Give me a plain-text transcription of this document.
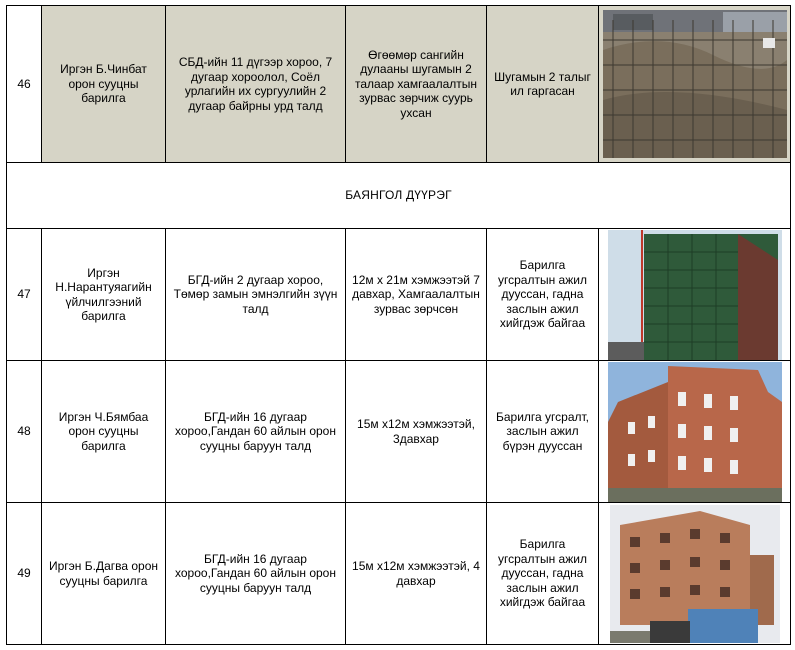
46	Иргэн Б.Чинбат орон сууцны барилга	СБД-ийн 11 дүгээр хороо, 7 дугаар хороолол, Соёл урлагийн их сургуулийн 2 дугаар байрны урд талд	Өгөөмөр сангийн дулааны шугамын 2 талаар хамгаалалтын зурвас зөрчиж суурь ухсан	Шугамын 2 талыг ил гаргасан	

БАЯНГОЛ ДҮҮРЭГ					
47	Иргэн Н.Нарантуяагийн үйлчилгээний барилга	БГД-ийн 2 дугаар хороо, Төмөр замын эмнэлгийн зүүн талд	12м х 21м хэмжээтэй 7 давхар, Хамгаалалтын зурвас зөрчсөн	Барилга угсралтын ажил дууссан, гадна заслын ажил хийгдэж байгаа	

48	Иргэн Ч.Бямбаа орон сууцны барилга	БГД-ийн 16 дугаар хороо,Гандан 60 айлын орон сууцны баруун талд	15м х12м хэмжээтэй, 3давхар	Барилга угсралт, заслын ажил бүрэн дууссан	

49	Иргэн Б.Дагва орон сууцны барилга	БГД-ийн 16 дугаар хороо,Гандан 60 айлын орон сууцны баруун талд	15м х12м хэмжээтэй, 4 давхар	Барилга угсралтын ажил дууссан, гадна заслын ажил хийгдэж байгаа	
